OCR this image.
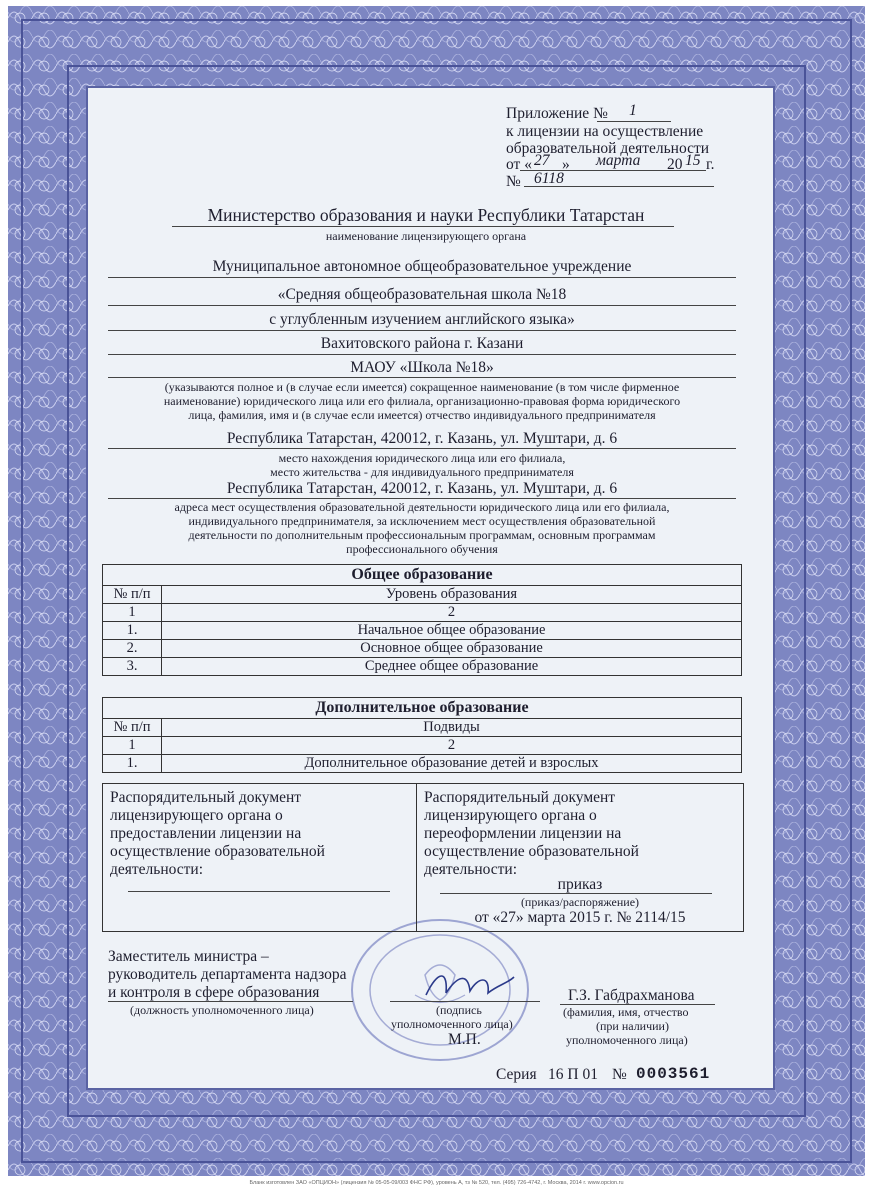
Приложение № 1
к лицензии на осуществление
образовательной деятельности
от « 27 » марта 20 15 г.
№ 6118
Министерство образования и науки Республики Татарстан
наименование лицензирующего органа
Муниципальное автономное общеобразовательное учреждение
«Средняя общеобразовательная школа №18
с углубленным изучением английского языка»
Вахитовского района г. Казани
МАОУ «Школа №18»
(указываются полное и (в случае если имеется) сокращенное наименование (в том числе фирменное
наименование) юридического лица или его филиала, организационно-правовая форма юридического
лица, фамилия, имя и (в случае если имеется) отчество индивидуального предпринимателя
Республика Татарстан, 420012, г. Казань, ул. Муштари, д. 6
место нахождения юридического лица или его филиала,
место жительства - для индивидуального предпринимателя
Республика Татарстан, 420012, г. Казань, ул. Муштари, д. 6
адреса мест осуществления образовательной деятельности юридического лица или его филиала,
индивидуального предпринимателя, за исключением мест осуществления образовательной
деятельности по дополнительным профессиональным программам, основным программам
профессионального обучения
Общее образование	
№ п/п	Уровень образования
1	2
1.	Начальное общее образование
2.	Основное общее образование
3.	Среднее общее образование
Дополнительное образование	
№ п/п	Подвиды
1	2
1.	Дополнительное образование детей и взрослых
Распорядительный документ
лицензирующего органа о
предоставлении лицензии на
осуществление образовательной
деятельности:
Распорядительный документ
лицензирующего органа о
переоформлении лицензии на
осуществление образовательной
деятельности:
приказ
(приказ/распоряжение)
от «27» марта 2015 г. № 2114/15
Заместитель министра –
руководитель департамента надзора
и контроля в сфере образования
(должность уполномоченного лица)	(подпись
уполномоченного лица)
М.П.
Г.З. Габдрахманова
(фамилия, имя, отчество
(при наличии)
уполномоченного лица)
Серия 16 П 01 № 0003561
Бланк изготовлен ЗАО «ОПЦИОН» (лицензия № 05-05-09/003 ФНС РФ), уровень А, тз № 520, тел. (495) 726-4742, г. Москва, 2014 г. www.opcion.ru
